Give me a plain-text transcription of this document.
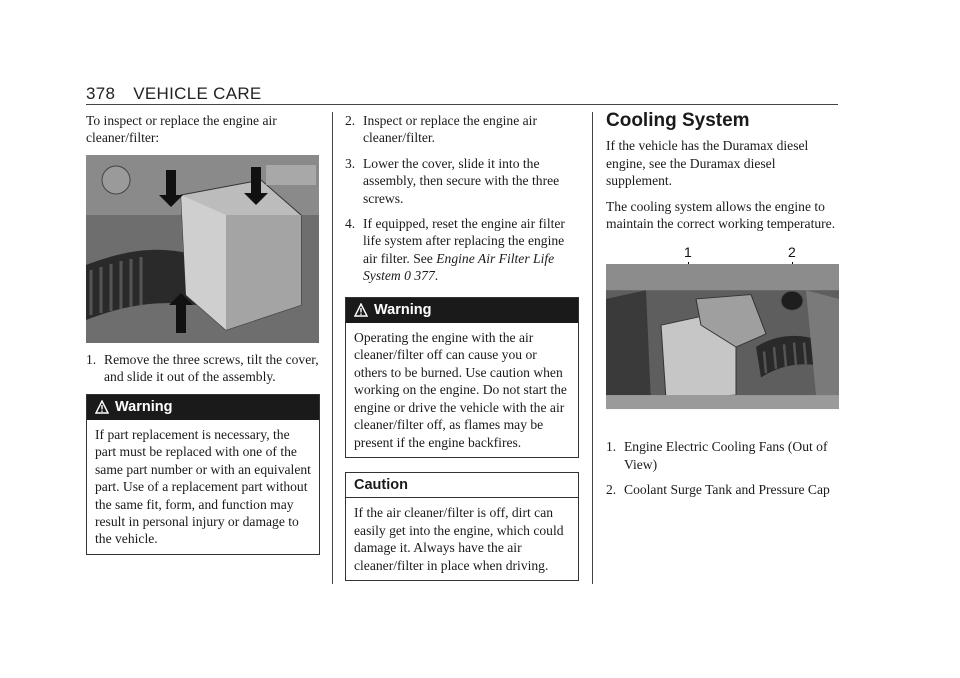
378 VEHICLE CARE

To inspect or replace the engine air cleaner/filter:

1. Remove the three screws, tilt the cover, and slide it out of the assembly.
Warning
If part replacement is necessary, the part must be replaced with one of the same part number or with an equivalent part. Use of a replacement part without the same fit, form, and function may result in personal injury or damage to the vehicle.
2. Inspect or replace the engine air cleaner/filter.
3. Lower the cover, slide it into the assembly, then secure with the three screws.
4. If equipped, reset the engine air filter life system after replacing the engine air filter. See Engine Air Filter Life System 0 377.
Warning
Operating the engine with the air cleaner/filter off can cause you or others to be burned. Use caution when working on the engine. Do not start the engine or drive the vehicle with the air cleaner/filter off, as flames may be present if the engine backfires.
Caution
If the air cleaner/filter is off, dirt can easily get into the engine, which could damage it. Always have the air cleaner/filter in place when driving.
Cooling System

If the vehicle has the Duramax diesel engine, see the Duramax diesel supplement.

The cooling system allows the engine to maintain the correct working temperature.

1	2
1. Engine Electric Cooling Fans (Out of View)
2. Coolant Surge Tank and Pressure Cap
